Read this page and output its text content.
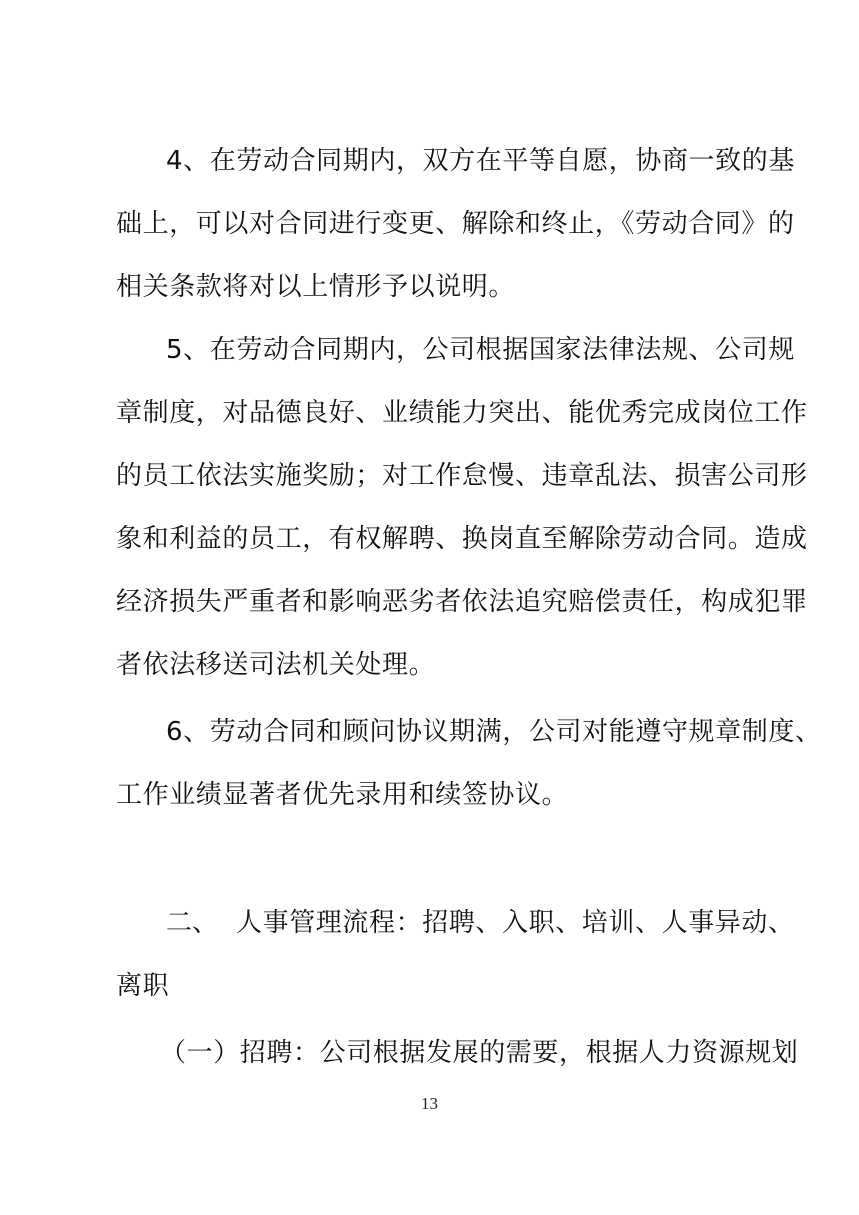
4、在劳动合同期内，双方在平等自愿，协商一致的基
础上，可以对合同进行变更、解除和终止，《劳动合同》的
相关条款将对以上情形予以说明。
5、在劳动合同期内，公司根据国家法律法规、公司规
章制度，对品德良好、业绩能力突出、能优秀完成岗位工作
的员工依法实施奖励；对工作怠慢、违章乱法、损害公司形
象和利益的员工，有权解聘、换岗直至解除劳动合同。造成
经济损失严重者和影响恶劣者依法追究赔偿责任，构成犯罪
者依法移送司法机关处理。
6、劳动合同和顾问协议期满，公司对能遵守规章制度、
工作业绩显著者优先录用和续签协议。
二、 人事管理流程：招聘、入职、培训、人事异动、
离职
（一）招聘：公司根据发展的需要，根据人力资源规划
13
